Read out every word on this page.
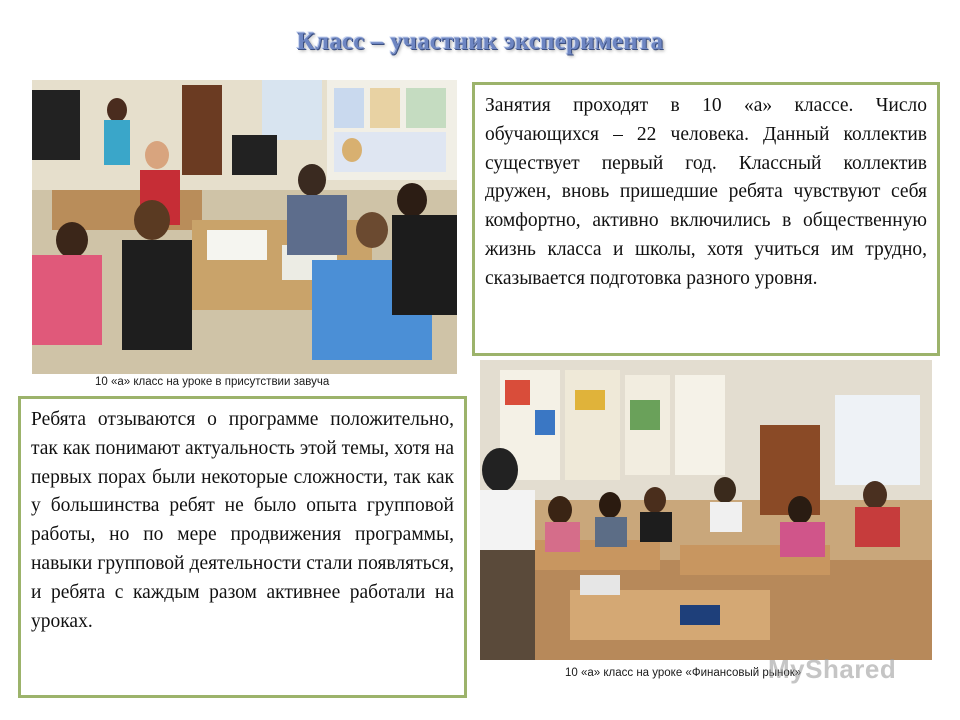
Класс – участник эксперимента
10 «а» класс на уроке в присутствии завуча
Занятия проходят в 10 «а» классе. Число обучающихся – 22 человека. Данный коллектив существует первый год. Классный коллектив дружен, вновь пришедшие ребята чувствуют себя комфортно, активно включились в общественную жизнь класса и школы, хотя учиться им трудно, сказывается подготовка разного уровня.
Ребята отзываются о программе положительно, так как понимают актуальность этой темы, хотя на первых порах были некоторые сложности, так как у большинства ребят не было опыта групповой работы, но по мере продвижения программы, навыки групповой деятельности стали появляться, и ребята с каждым разом активнее работали на уроках.
10 «а» класс на уроке «Финансовый рынок»
MyShared
